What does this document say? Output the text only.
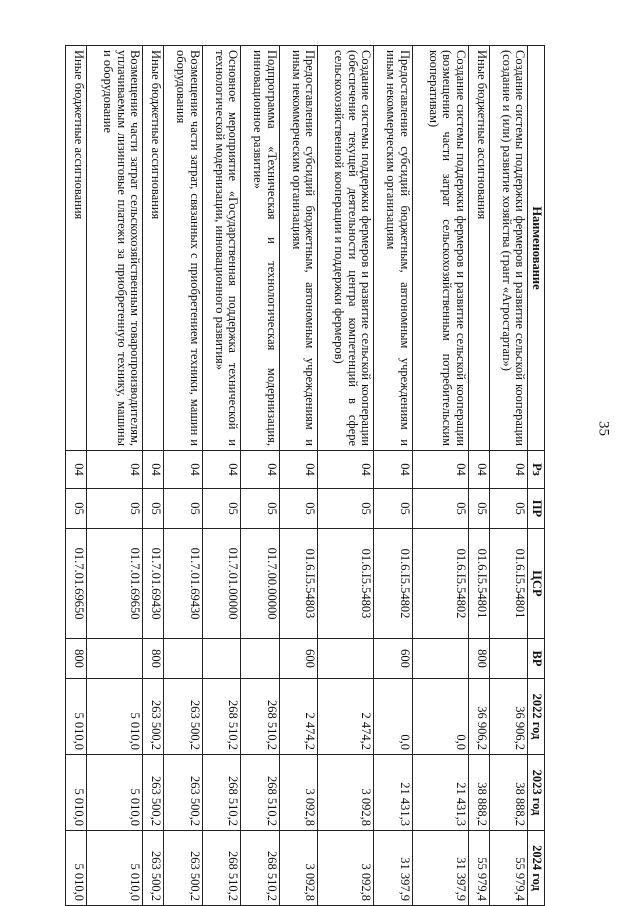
35
Наименование	Рз	ПР	ЦСР	ВР	2022 год	2023 год	2024 год
Создание системы поддержки фермеров и развитие сельской кооперации (создание и (или) развитие хозяйства (грант «Агростартап»)	04	05	01.6.I5.54801		36 906,2	38 888,2	55 979,4
Иные бюджетные ассигнования	04	05	01.6.I5.54801	800	36 906,2	38 888,2	55 979,4
Создание системы поддержки фермеров и развитие сельской кооперации (возмещение части затрат сельскохозяйственным потребительским кооперативам)	04	05	01.6.I5.54802		0,0	21 431,3	31 397,9
Предоставление субсидий бюджетным, автономным учреждениям и иным некоммерческим организациям	04	05	01.6.I5.54802	600	0,0	21 431,3	31 397,9
Создание системы поддержки фермеров и развитие сельской кооперации (обеспечение текущей деятельности центра компетенций в сфере сельскохозяйственной кооперации и поддержки фермеров)	04	05	01.6.I5.54803		2 474,2	3 092,8	3 092,8
Предоставление субсидий бюджетным, автономным учреждениям и иным некоммерческим организациям	04	05	01.6.I5.54803	600	2 474,2	3 092,8	3 092,8
Подпрограмма «Техническая и технологическая модернизация, инновационное развитие»	04	05	01.7.00.00000		268 510,2	268 510,2	268 510,2
Основное мероприятие «Государственная поддержка технической и технологической модернизации, инновационного развития»	04	05	01.7.01.00000		268 510,2	268 510,2	268 510,2
Возмещение части затрат, связанных с приобретением техники, машин и оборудования	04	05	01.7.01.69430		263 500,2	263 500,2	263 500,2
Иные бюджетные ассигнования	04	05	01.7.01.69430	800	263 500,2	263 500,2	263 500,2
Возмещение части затрат сельскохозяйственным товаропроизводителям, уплачиваемым лизинговые платежи за приобретенную технику, машины и оборудование	04	05	01.7.01.69650		5 010,0	5 010,0	5 010,0
Иные бюджетные ассигнования	04	05	01.7.01.69650	800	5 010,0	5 010,0	5 010,0
